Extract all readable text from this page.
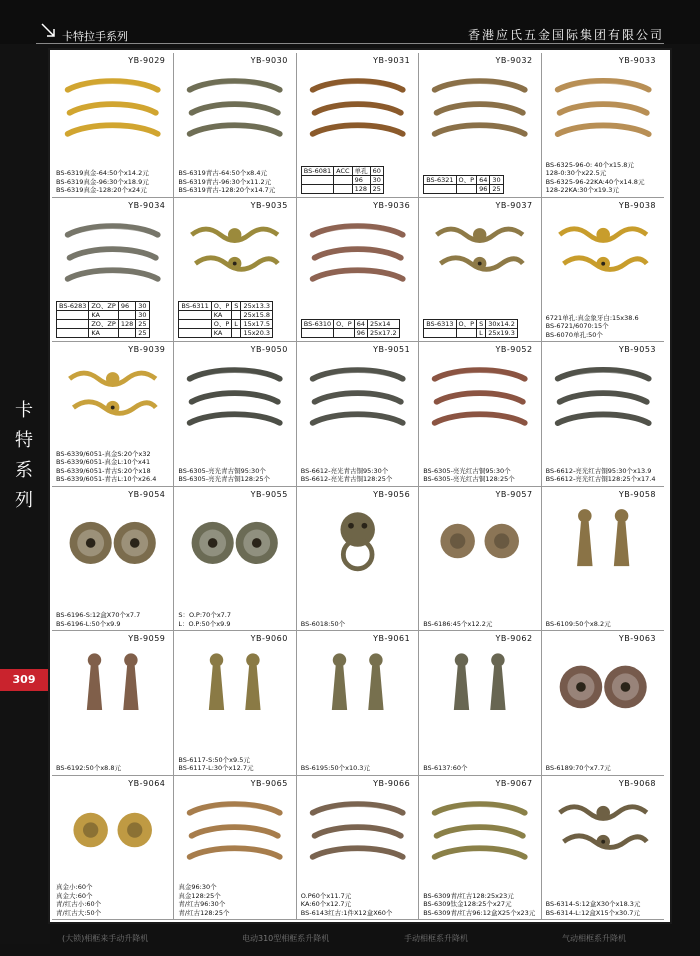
卡特拉手系列	香港应氏五金国际集团有限公司
卡
特
系
列
309
YB-9029
BS-6319真金-64:50个x14.2元
BS-6319真金-96:30个x18.9元
BS-6319真金-128:20个x24元
YB-9030
BS-6319青古-64:50个x8.4元
BS-6319青古-96:30个x11.2元
BS-6319青古-128:20个x14.7元
YB-9031
BS-6081	ACC	单孔	60
		96	30
		128	25
YB-9032
BS-6321	O、P	64	30
		96	25
YB-9033
BS-6325-96-0: 40个x15.8元
128-0:30个x22.5元
BS-6325-96-22KA:40个x14.8元
128-22KA:30个x19.3元
YB-9034
BS-6283	ZO、ZP	96	30
	KA		30
	ZO、ZP	128	25
	KA		25
YB-9035
BS-6311	O、P	S	25x13.3
	KA		25x15.8
	O、P	L	15x17.5
	KA		15x20.3
YB-9036
BS-6310	O、P	64	25x14
		96	25x17.2
YB-9037
BS-6313	O、P	S	30x14.2
		L	25x19.3
YB-9038
6721单孔:真金象牙白:15x38.6
BS-6721/6070:15个
BS-6070单孔:50个
YB-9039
BS-6339/6051-真金S:20个x32
BS-6339/6051-真金L:10个x41
BS-6339/6051-青古S:20个x18
BS-6339/6051-青古L:10个x26.4
YB-9050
BS-6305-亮光青古铜95:30个
BS-6305-亮光青古铜128:25个
YB-9051
BS-6612-亮光青古铜95:30个
BS-6612-亮光青古铜128:25个
YB-9052
BS-6305-亮光红古铜95:30个
BS-6305-亮光红古铜128:25个
YB-9053
BS-6612-亮光红古铜95:30个x13.9
BS-6612-亮光红古铜128:25个x17.4
YB-9054
BS-6196-S:12盒X70个x7.7
BS-6196-L:50个x9.9
YB-9055
S：O.P:70个x7.7
L：O.P:50个x9.9
YB-9056
BS-6018:50个
YB-9057
BS-6186:45个x12.2元
YB-9058
BS-6109:50个x8.2元
YB-9059
BS-6192:50个x8.8元
YB-9060
BS-6117-S:50个x9.5元
BS-6117-L:30个x12.7元
YB-9061
BS-6195:50个x10.3元
YB-9062
BS-6137:60个
YB-9063
BS-6189:70个x7.7元
YB-9064
真金小:60个
真金大:60个
青/红古小:60个
青/红古大:50个
YB-9065
真金96:30个
真金128:25个
青/红古96:30个
青/红古128:25个
YB-9066
O.P60个x11.7元
KA:60个x12.7元
BS-6143红古:1件X12盒X60个
YB-9067
BS-6309青/红古128:25x23元
BS-6309钛金128:25个x27元
BS-6309青/红古96:12盒X25个x23元
YB-9068
BS-6314-S:12盒X30个x18.3元
BS-6314-L:12盒X15个x30.7元
(大锁)相框来手动升降机	电动310型相框系升降机	手动相框系升降机	气动相框系升降机
